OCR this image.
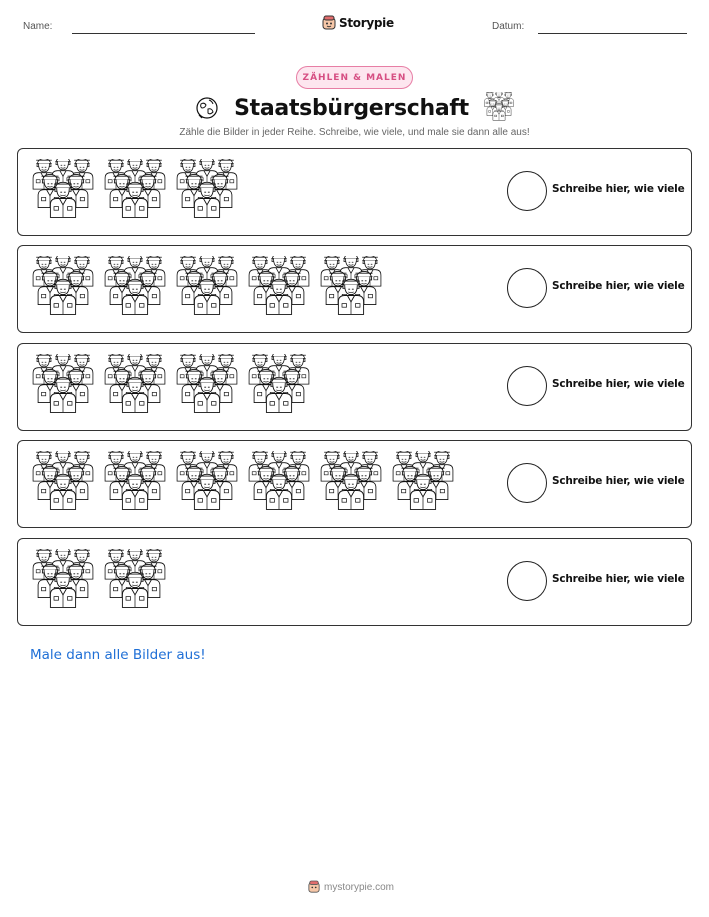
Name:	Storypie	Datum:
ZÄHLEN & MALEN
Staatsbürgerschaft
Zähle die Bilder in jeder Reihe. Schreibe, wie viele, und male sie dann alle aus!
Schreibe hier, wie viele
Schreibe hier, wie viele
Schreibe hier, wie viele
Schreibe hier, wie viele
Schreibe hier, wie viele
Male dann alle Bilder aus!
mystorypie.com
